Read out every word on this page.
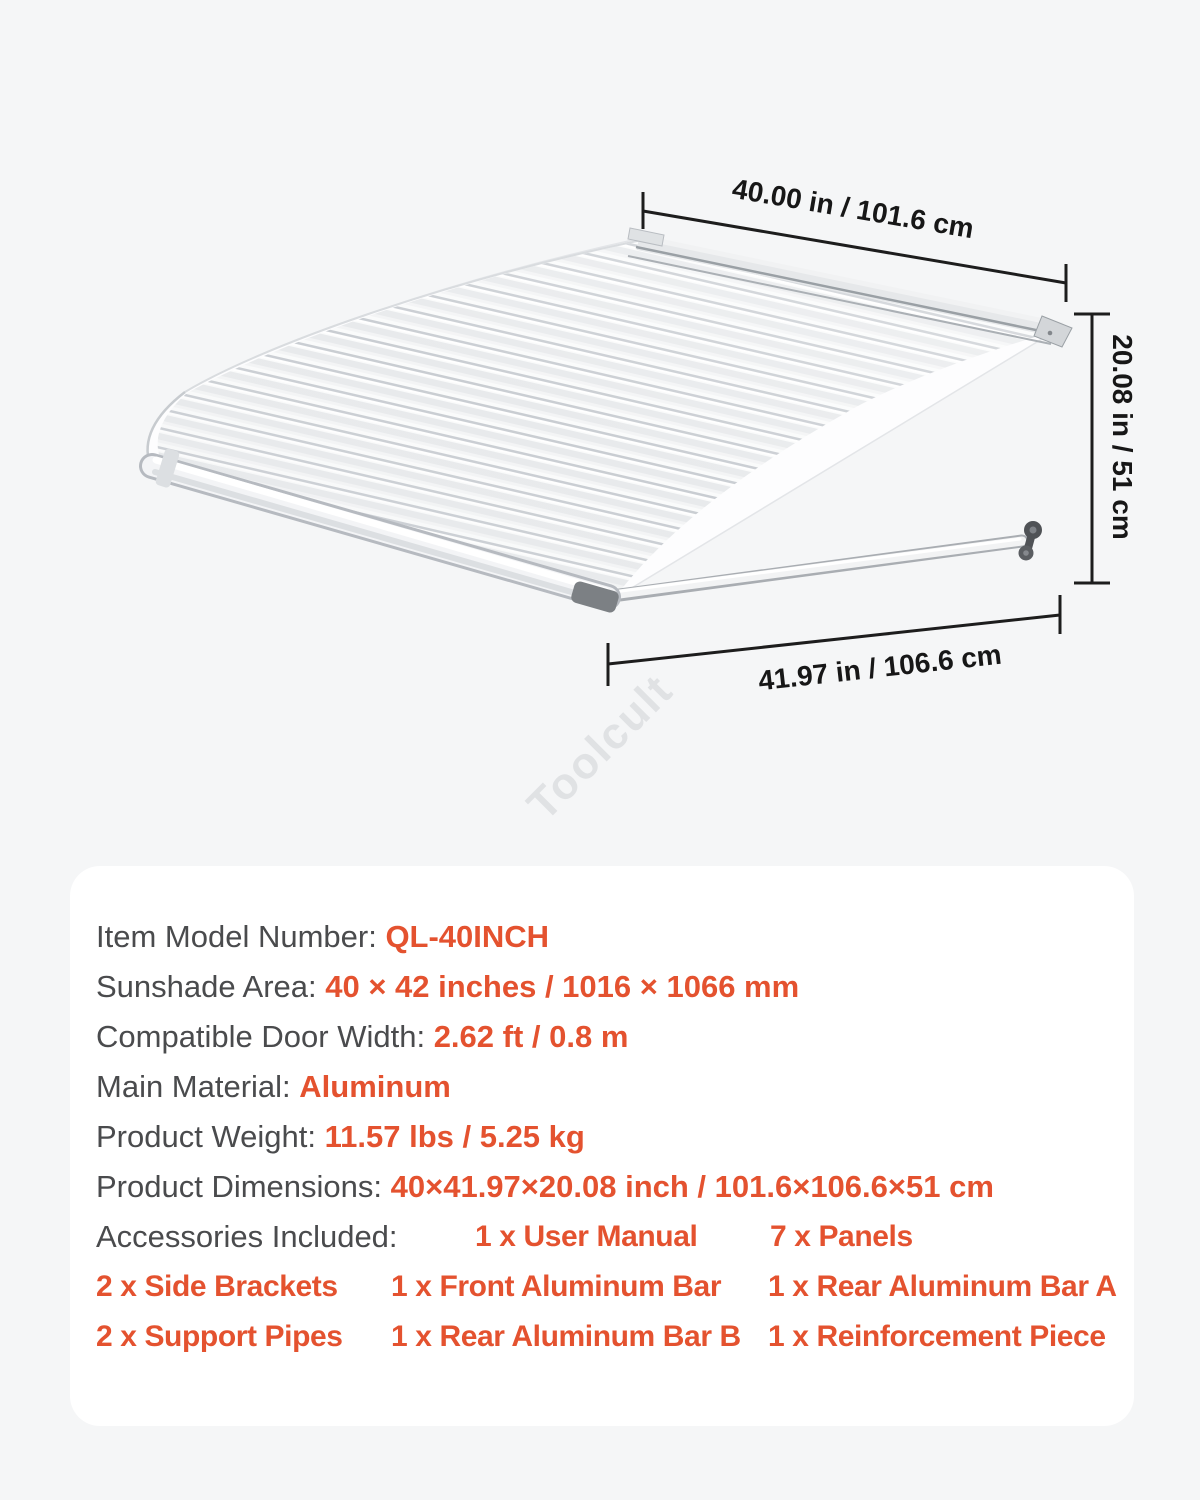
40.00 in / 101.6 cm
20.08 in / 51 cm
41.97 in / 106.6 cm
Toolcult
Item Model Number: QL-40INCH
Sunshade Area: 40 × 42 inches / 1016 × 1066 mm
Compatible Door Width: 2.62 ft / 0.8 m
Main Material: Aluminum
Product Weight: 11.57 lbs / 5.25 kg
Product Dimensions: 40×41.97×20.08 inch / 101.6×106.6×51 cm
Accessories Included:	1 x User Manual 7 x Panels
2 x Side Brackets 1 x Front Aluminum Bar 1 x Rear Aluminum Bar A
2 x Support Pipes 1 x Rear Aluminum Bar B 1 x Reinforcement Piece
